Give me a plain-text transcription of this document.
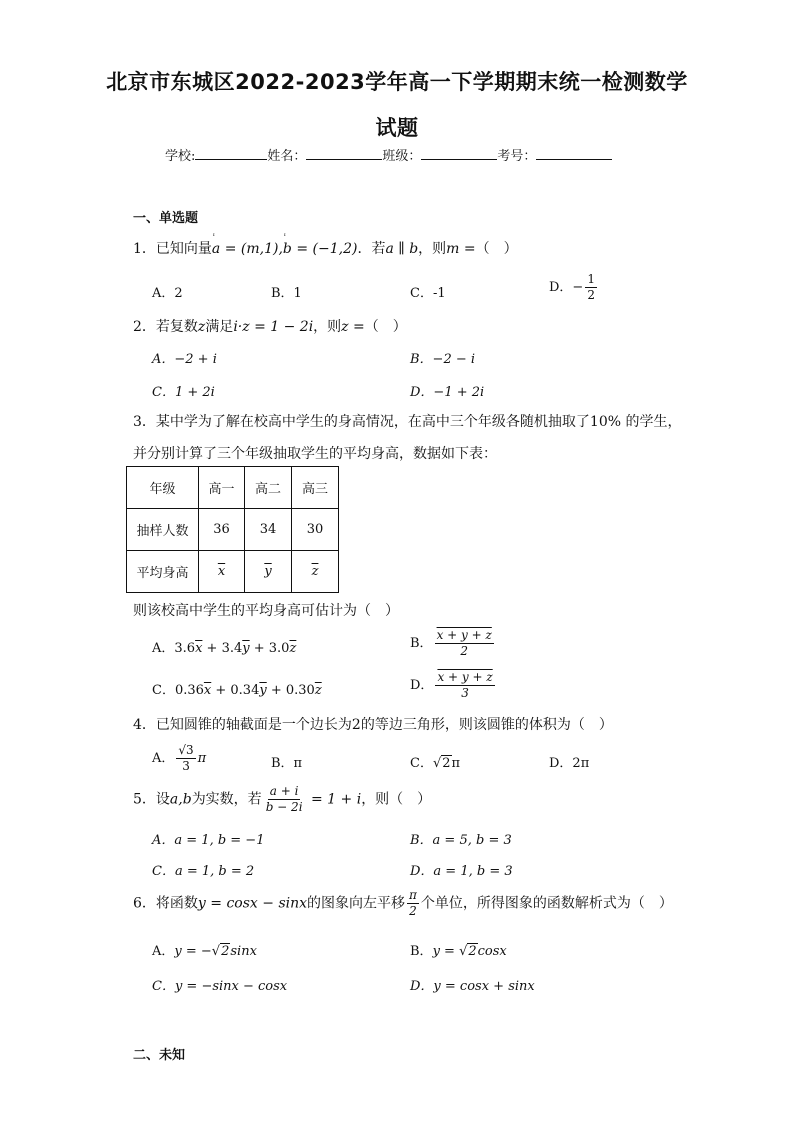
北京市东城区2022-2023学年高一下学期期末统一检测数学
试题
学校:	姓名：	班级：	考号：
一、单选题
1．已知向量
ᶦ
a = (m,1),
ᶦ
b = (−1,2)．若a ∥ b，则m =（　）
A．2	B．1	C．-1	D．− $\frac{1}{2}$
2．若复数z满足i·z = 1 − 2i，则z =（　）
A．−2 + i	B．−2 − i
C．1 + 2i	D．−1 + 2i
3．某中学为了解在校高中学生的身高情况，在高中三个年级各随机抽取了10% 的学生，
并分别计算了三个年级抽取学生的平均身高，数据如下表：
年级	高一	高二	高三
抽样人数	36	34	30
平均身高	$\overline{x}$	$\overline{y}$	$\overline{z}$
则该校高中学生的平均身高可估计为（　）
A．$3.6\overline{x} + 3.4\overline{y} + 3.0\overline{z}$	B． $\frac{x + y + z}{2}$
C．$0.36\overline{x} + 0.34\overline{y} + 0.30\overline{z}$	D． $\frac{x + y + z}{3}$
4．已知圆锥的轴截面是一个边长为2的等边三角形，则该圆锥的体积为（　）
A． $\frac{√3}{3}$ π	B．π	C．√2π	D．2π
5．设a,b为实数，若 $\frac{a + i}{b - 2i} = 1 + i$，则（　）
A．a = 1, b = −1	B．a = 5, b = 3
C．a = 1, b = 2	D．a = 1, b = 3
6．将函数y = cosx − sinx的图象向左平移 $\frac{\pi}{2}$ 个单位，所得图象的函数解析式为（　）
A．y = −√2sinx	B．y = √2cosx
C．y = −sinx − cosx	D．y = cosx + sinx
二、未知
